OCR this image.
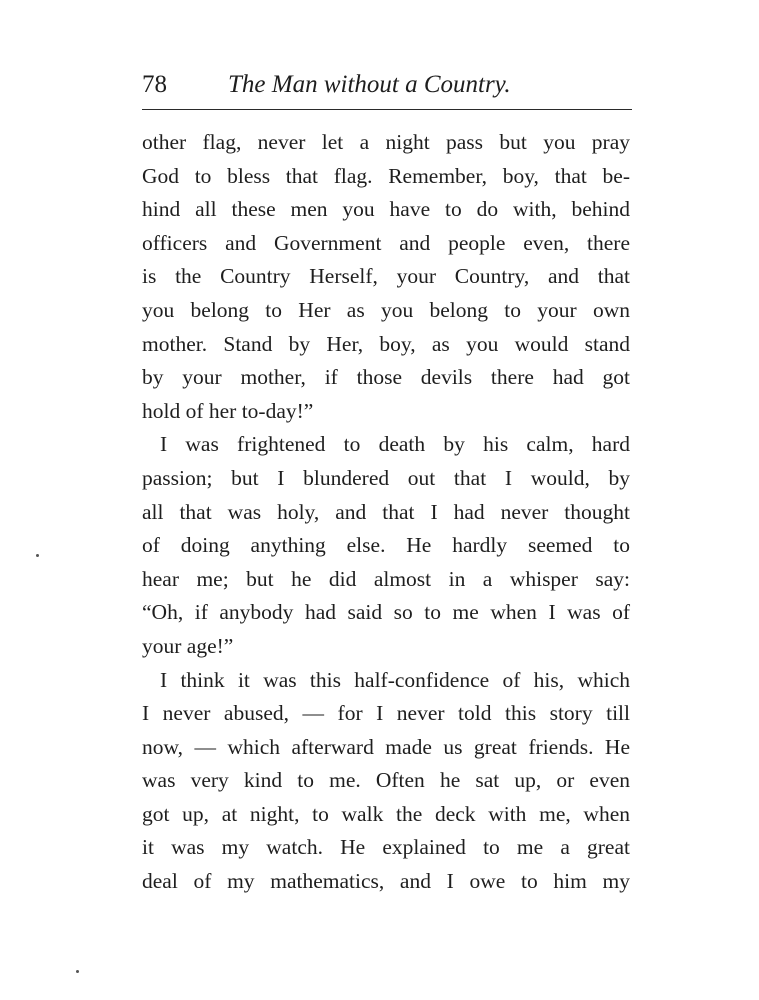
78 The Man without a Country.
other flag, never let a night pass but you pray
God to bless that flag. Remember, boy, that be-
hind all these men you have to do with, behind
officers and Government and people even, there
is the Country Herself, your Country, and that
you belong to Her as you belong to your own
mother. Stand by Her, boy, as you would stand
by your mother, if those devils there had got
hold of her to-day!”
I was frightened to death by his calm, hard
passion; but I blundered out that I would, by
all that was holy, and that I had never thought
of doing anything else. He hardly seemed to
hear me; but he did almost in a whisper say:
“Oh, if anybody had said so to me when I was of
your age!”
I think it was this half-confidence of his, which
I never abused, — for I never told this story till
now, — which afterward made us great friends. He
was very kind to me. Often he sat up, or even
got up, at night, to walk the deck with me, when
it was my watch. He explained to me a great
deal of my mathematics, and I owe to him my
